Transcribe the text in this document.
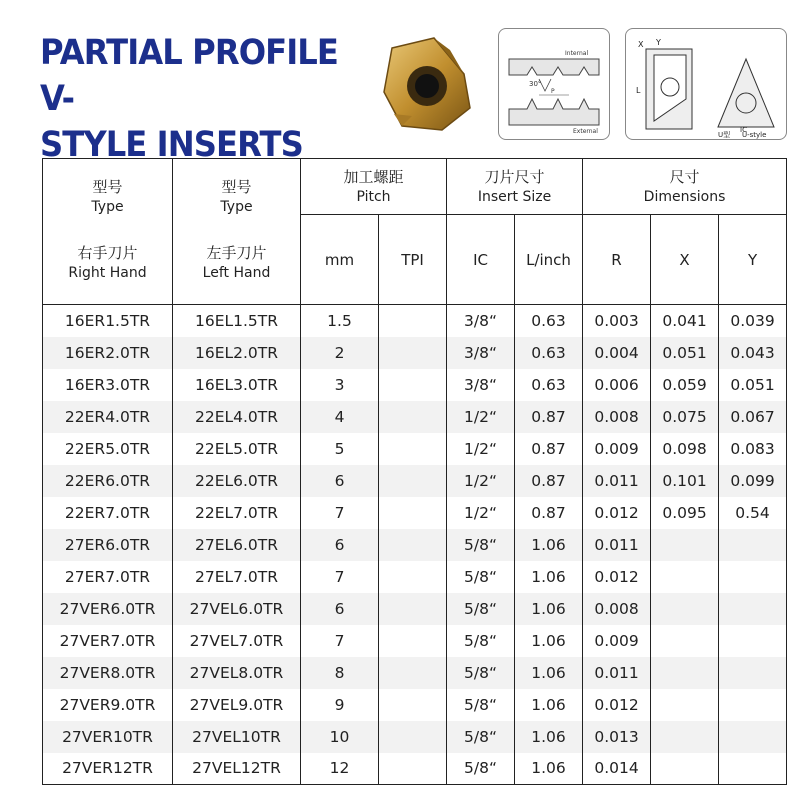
PARTIAL PROFILE V-
STYLE INSERTS
30°
Internal
External
P
X Y
L
IC
U型 U-style
型号
Type
右手刀片
Right Hand	型号
Type
左手刀片
Left Hand	加工螺距
Pitch		刀片尺寸
Insert Size		尺寸
Dimensions		

		mm	TPI	IC	L/inch	R	X	Y
16ER1.5TR	16EL1.5TR	1.5		3/8“	0.63	0.003	0.041	0.039
16ER2.0TR	16EL2.0TR	2		3/8“	0.63	0.004	0.051	0.043
16ER3.0TR	16EL3.0TR	3		3/8“	0.63	0.006	0.059	0.051
22ER4.0TR	22EL4.0TR	4		1/2“	0.87	0.008	0.075	0.067
22ER5.0TR	22EL5.0TR	5		1/2“	0.87	0.009	0.098	0.083
22ER6.0TR	22EL6.0TR	6		1/2“	0.87	0.011	0.101	0.099
22ER7.0TR	22EL7.0TR	7		1/2“	0.87	0.012	0.095	0.54
27ER6.0TR	27EL6.0TR	6		5/8“	1.06	0.011		
27ER7.0TR	27EL7.0TR	7		5/8“	1.06	0.012		
27VER6.0TR	27VEL6.0TR	6		5/8“	1.06	0.008		
27VER7.0TR	27VEL7.0TR	7		5/8“	1.06	0.009		
27VER8.0TR	27VEL8.0TR	8		5/8“	1.06	0.011		
27VER9.0TR	27VEL9.0TR	9		5/8“	1.06	0.012		
27VER10TR	27VEL10TR	10		5/8“	1.06	0.013		
27VER12TR	27VEL12TR	12		5/8“	1.06	0.014		
